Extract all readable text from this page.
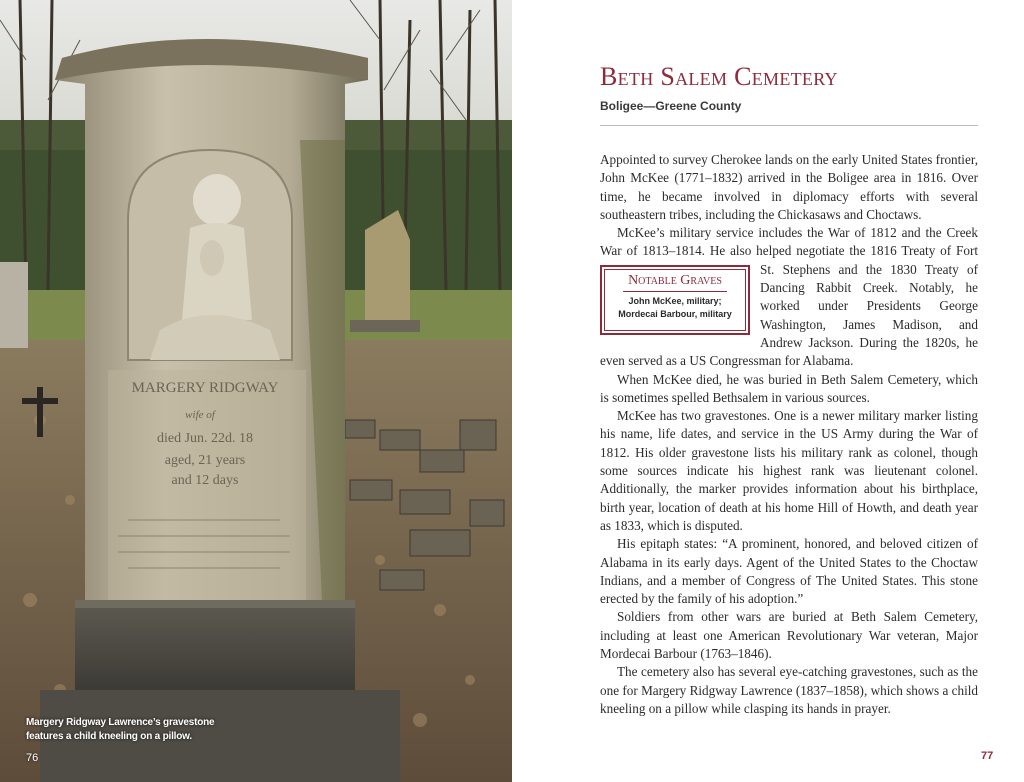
MARGERY RIDGWAY
wife of
died Jun. 22d. 18
aged, 21 years
and 12 days
Margery Ridgway Lawrence’s gravestone
features a child kneeling on a pillow.
76
Beth Salem Cemetery
Boligee—Greene County

Appointed to survey Cherokee lands on the early United States frontier, John McKee (1771–1832) arrived in the Boligee area in 1816. Over time, he became involved in diplomacy efforts with several southeastern tribes, including the Chickasaws and Choctaws.

McKee’s military service includes the War of 1812 and the Creek War of 1813–1814. He also helped negotiate the 1816 Treaty of
Notable Graves
John McKee, military;
Mordecai Barbour, military
Fort St. Stephens and the 1830 Treaty of Dancing Rabbit Creek. Notably, he worked under Presidents George Washington, James Madison, and Andrew Jackson. During the 1820s, he even served as a US Congressman for Alabama.

When McKee died, he was buried in Beth Salem Cemetery, which is sometimes spelled Bethsalem in various sources.

McKee has two gravestones. One is a newer military marker listing his name, life dates, and service in the US Army during the War of 1812. His older gravestone lists his military rank as colonel, though some sources indicate his highest rank was lieutenant colonel. Additionally, the marker provides information about his birthplace, birth year, location of death at his home Hill of Howth, and death year as 1833, which is disputed.

His epitaph states: “A prominent, honored, and beloved citizen of Alabama in its early days. Agent of the United States to the Choctaw Indians, and a member of Congress of The United States. This stone erected by the family of his adoption.”

Soldiers from other wars are buried at Beth Salem Cemetery, including at least one American Revolutionary War veteran, Major Mordecai Barbour (1763–1846).

The cemetery also has several eye-catching gravestones, such as the one for Margery Ridgway Lawrence (1837–1858), which shows a child kneeling on a pillow while clasping its hands in prayer.

77
